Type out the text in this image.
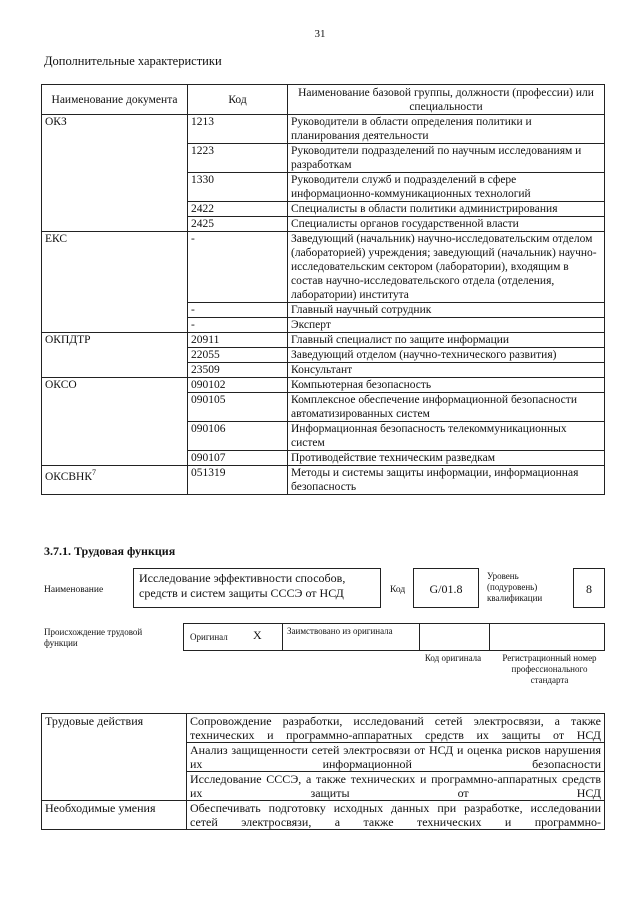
31
Дополнительные характеристики
Наименование документа	Код	Наименование базовой группы, должности (профессии) или специальности
ОКЗ	1213	Руководители в области определения политики и планирования деятельности
	1223	Руководители подразделений по научным исследованиям и разработкам
	1330	Руководители служб и подразделений в сфере информационно-коммуникационных технологий
	2422	Специалисты в области политики администрирования
	2425	Специалисты органов государственной власти
ЕКС	-	Заведующий (начальник) научно-исследовательским отделом (лабораторией) учреждения; заведующий (начальник) научно-исследовательским сектором (лаборатории), входящим в состав научно-исследовательского отдела (отделения, лаборатории) института
	-	Главный научный сотрудник
	-	Эксперт
ОКПДТР	20911	Главный специалист по защите информации
	22055	Заведующий отделом (научно-технического развития)
	23509	Консультант
ОКСО	090102	Компьютерная безопасность
	090105	Комплексное обеспечение информационной безопасности автоматизированных систем
	090106	Информационная безопасность телекоммуникационных систем
	090107	Противодействие техническим разведкам
ОКСВНК$^7$	051319	Методы и системы защиты информации, информационная безопасность
3.7.1. Трудовая функция
Наименование
Исследование эффективности способов, средств и систем защиты СССЭ от НСД	Код	G/01.8
Уровень (подуровень) квалификации
8
Происхождение трудовой функции
Оригинал X	Заимствовано из оригинала
Код оригинала	Регистрационный номер профессионального стандарта
Трудовые действия	Сопровождение разработки, исследований сетей электросвязи, а также технических и программно-аппаратных средств их защиты от НСД
	Анализ защищенности сетей электросвязи от НСД и оценка рисков нарушения их информационной безопасности
	Исследование СССЭ, а также технических и программно-аппаратных средств их защиты от НСД
Необходимые умения	Обеспечивать подготовку исходных данных при разработке, исследовании сетей электросвязи, а также технических и программно-
